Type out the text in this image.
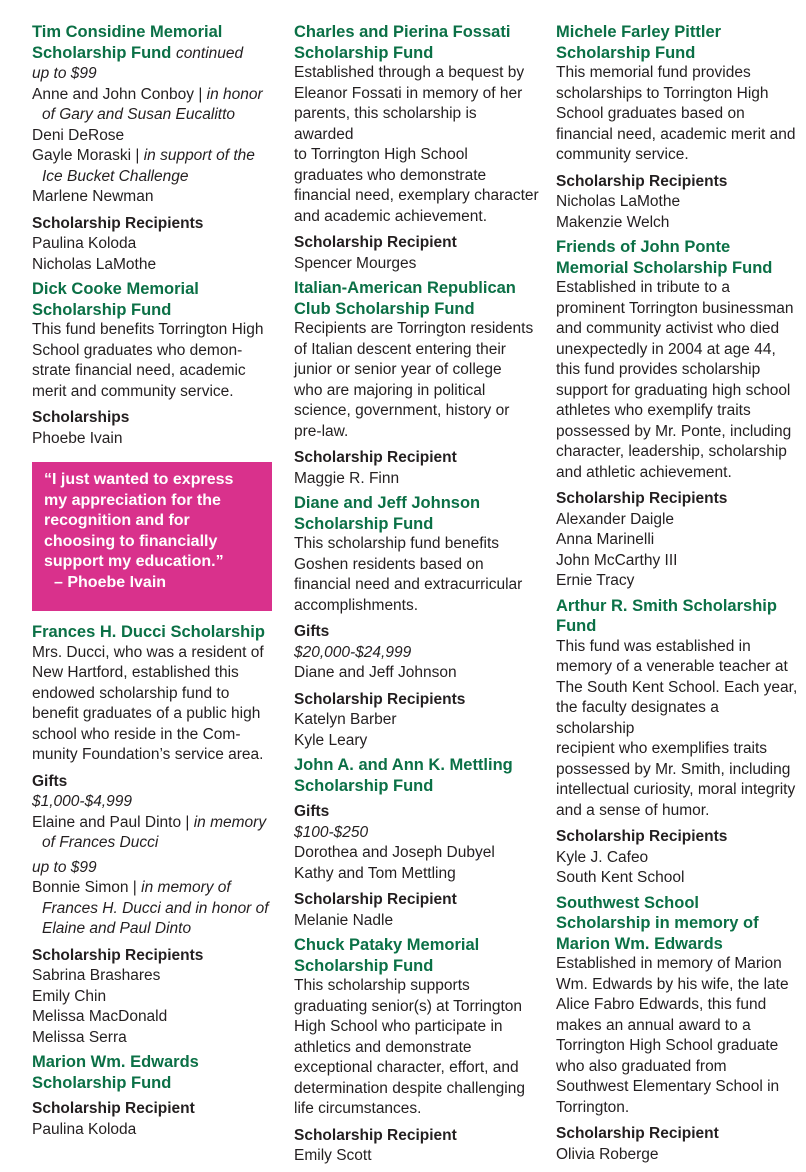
Tim Considine Memorial
Scholarship Fund continued
up to $99
Anne and John Conboy | in honor
of Gary and Susan Eucalitto
Deni DeRose
Gayle Moraski | in support of the
Ice Bucket Challenge
Marlene Newman
Scholarship Recipients
Paulina Koloda
Nicholas LaMothe
Dick Cooke Memorial
Scholarship Fund
This fund benefits Torrington High
School graduates who demon-
strate financial need, academic
merit and community service.
Scholarships
Phoebe Ivain
“I just wanted to express
my appreciation for the
recognition and for
choosing to financially
support my education.”
– Phoebe Ivain
Frances H. Ducci Scholarship
Mrs. Ducci, who was a resident of
New Hartford, established this
endowed scholarship fund to
benefit graduates of a public high
school who reside in the Com-
munity Foundation’s service area.
Gifts
$1,000-$4,999
Elaine and Paul Dinto | in memory
of Frances Ducci
up to $99
Bonnie Simon | in memory of
Frances H. Ducci and in honor of
Elaine and Paul Dinto
Scholarship Recipients
Sabrina Brashares
Emily Chin
Melissa MacDonald
Melissa Serra
Marion Wm. Edwards
Scholarship Fund
Scholarship Recipient
Paulina Koloda
Charles and Pierina Fossati
Scholarship Fund
Established through a bequest by
Eleanor Fossati in memory of her
parents, this scholarship is awarded
to Torrington High School
graduates who demonstrate
financial need, exemplary character
and academic achievement.
Scholarship Recipient
Spencer Mourges
Italian-American Republican
Club Scholarship Fund
Recipients are Torrington residents
of Italian descent entering their
junior or senior year of college
who are majoring in political
science, government, history or
pre-law.
Scholarship Recipient
Maggie R. Finn
Diane and Jeff Johnson
Scholarship Fund
This scholarship fund benefits
Goshen residents based on
financial need and extracurricular
accomplishments.
Gifts
$20,000-$24,999
Diane and Jeff Johnson
Scholarship Recipients
Katelyn Barber
Kyle Leary
John A. and Ann K. Mettling
Scholarship Fund
Gifts
$100-$250
Dorothea and Joseph Dubyel
Kathy and Tom Mettling
Scholarship Recipient
Melanie Nadle
Chuck Pataky Memorial
Scholarship Fund
This scholarship supports
graduating senior(s) at Torrington
High School who participate in
athletics and demonstrate
exceptional character, effort, and
determination despite challenging
life circumstances.
Scholarship Recipient
Emily Scott
Michele Farley Pittler
Scholarship Fund
This memorial fund provides
scholarships to Torrington High
School graduates based on
financial need, academic merit and
community service.
Scholarship Recipients
Nicholas LaMothe
Makenzie Welch
Friends of John Ponte
Memorial Scholarship Fund
Established in tribute to a
prominent Torrington businessman
and community activist who died
unexpectedly in 2004 at age 44,
this fund provides scholarship
support for graduating high school
athletes who exemplify traits
possessed by Mr. Ponte, including
character, leadership, scholarship
and athletic achievement.
Scholarship Recipients
Alexander Daigle
Anna Marinelli
John McCarthy III
Ernie Tracy
Arthur R. Smith Scholarship
Fund
This fund was established in
memory of a venerable teacher at
The South Kent School. Each year,
the faculty designates a scholarship
recipient who exemplifies traits
possessed by Mr. Smith, including
intellectual curiosity, moral integrity
and a sense of humor.
Scholarship Recipients
Kyle J. Cafeo
South Kent School
Southwest School
Scholarship in memory of
Marion Wm. Edwards
Established in memory of Marion
Wm. Edwards by his wife, the late
Alice Fabro Edwards, this fund
makes an annual award to a
Torrington High School graduate
who also graduated from
Southwest Elementary School in
Torrington.
Scholarship Recipient
Olivia Roberge
